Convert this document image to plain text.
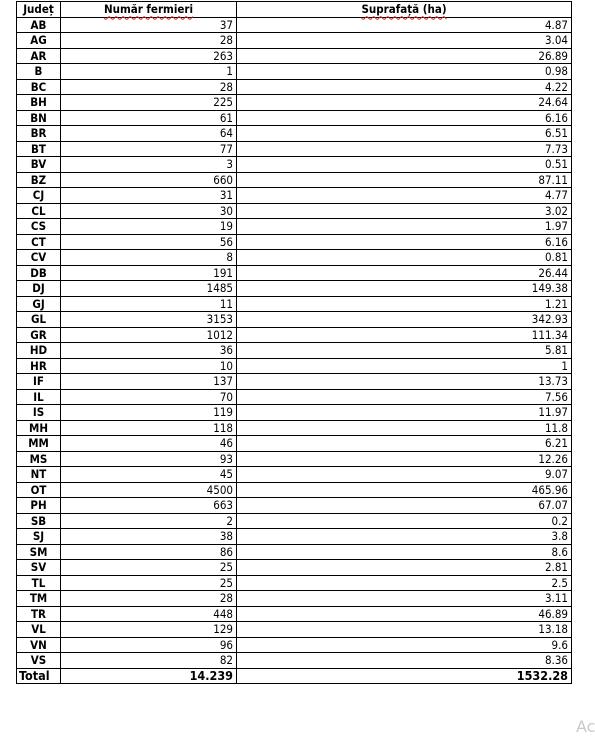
Județ	Număr fermieri	Suprafață (ha)
AB	37	4.87
AG	28	3.04
AR	263	26.89
B	1	0.98
BC	28	4.22
BH	225	24.64
BN	61	6.16
BR	64	6.51
BT	77	7.73
BV	3	0.51
BZ	660	87.11
CJ	31	4.77
CL	30	3.02
CS	19	1.97
CT	56	6.16
CV	8	0.81
DB	191	26.44
DJ	1485	149.38
GJ	11	1.21
GL	3153	342.93
GR	1012	111.34
HD	36	5.81
HR	10	1
IF	137	13.73
IL	70	7.56
IS	119	11.97
MH	118	11.8
MM	46	6.21
MS	93	12.26
NT	45	9.07
OT	4500	465.96
PH	663	67.07
SB	2	0.2
SJ	38	3.8
SM	86	8.6
SV	25	2.81
TL	25	2.5
TM	28	3.11
TR	448	46.89
VL	129	13.18
VN	96	9.6
VS	82	8.36
Total	14.239	1532.28
Ac
